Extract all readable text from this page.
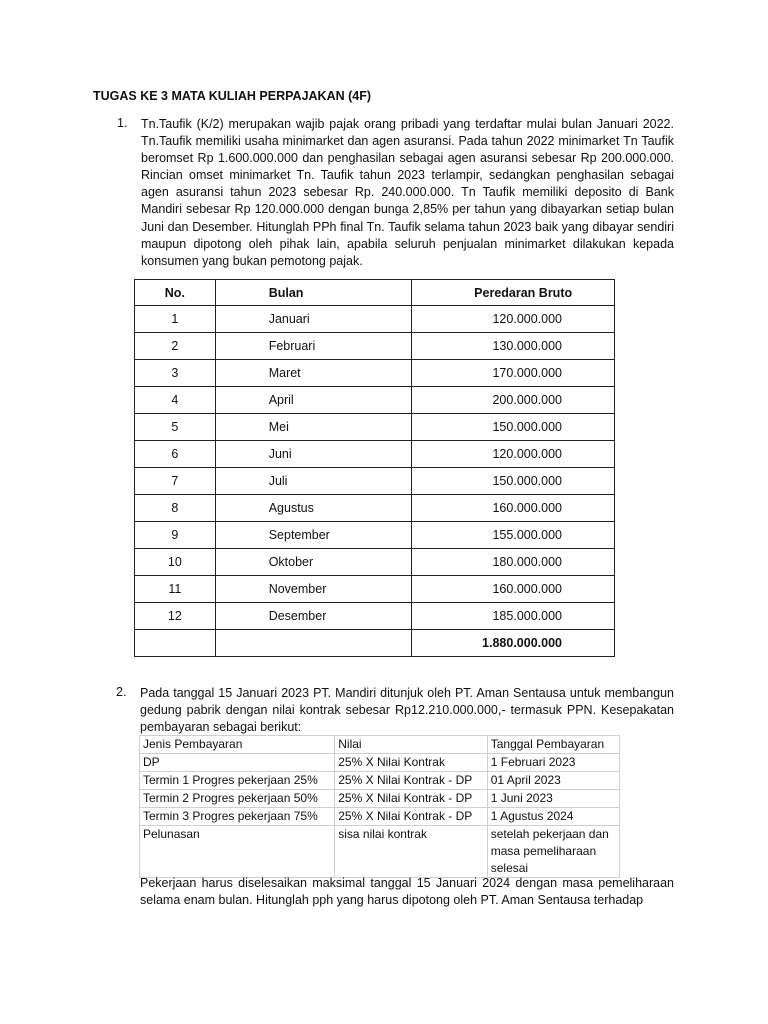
TUGAS KE 3 MATA KULIAH PERPAJAKAN (4F)
1. Tn.Taufik (K/2) merupakan wajib pajak orang pribadi yang terdaftar mulai bulan Januari 2022. Tn.Taufik memiliki usaha minimarket dan agen asuransi. Pada tahun 2022 minimarket Tn Taufik beromset Rp 1.600.000.000 dan penghasilan sebagai agen asuransi sebesar Rp 200.000.000. Rincian omset minimarket Tn. Taufik tahun 2023 terlampir, sedangkan penghasilan sebagai agen asuransi tahun 2023 sebesar Rp. 240.000.000. Tn Taufik memiliki deposito di Bank Mandiri sebesar Rp 120.000.000 dengan bunga 2,85% per tahun yang dibayarkan setiap bulan Juni dan Desember. Hitunglah PPh final Tn. Taufik selama tahun 2023 baik yang dibayar sendiri maupun dipotong oleh pihak lain, apabila seluruh penjualan minimarket dilakukan kepada konsumen yang bukan pemotong pajak.
No.	Bulan	Peredaran Bruto
1	Januari	120.000.000
2	Februari	130.000.000
3	Maret	170.000.000
4	April	200.000.000
5	Mei	150.000.000
6	Juni	120.000.000
7	Juli	150.000.000
8	Agustus	160.000.000
9	September	155.000.000
10	Oktober	180.000.000
11	November	160.000.000
12	Desember	185.000.000
		1.880.000.000
2. Pada tanggal 15 Januari 2023 PT. Mandiri ditunjuk oleh PT. Aman Sentausa untuk membangun gedung pabrik dengan nilai kontrak sebesar Rp12.210.000.000,- termasuk PPN. Kesepakatan pembayaran sebagai berikut:
Jenis Pembayaran	Nilai	Tanggal Pembayaran
DP	25% X Nilai Kontrak	1 Februari 2023
Termin 1 Progres pekerjaan 25%	25% X Nilai Kontrak - DP	01 April 2023
Termin 2 Progres pekerjaan 50%	25% X Nilai Kontrak - DP	1 Juni 2023
Termin 3 Progres pekerjaan 75%	25% X Nilai Kontrak - DP	1 Agustus 2024
Pelunasan	sisa nilai kontrak	setelah pekerjaan dan masa pemeliharaan selesai
Pekerjaan harus diselesaikan maksimal tanggal 15 Januari 2024 dengan masa pemeliharaan selama enam bulan. Hitunglah pph yang harus dipotong oleh PT. Aman Sentausa terhadap
